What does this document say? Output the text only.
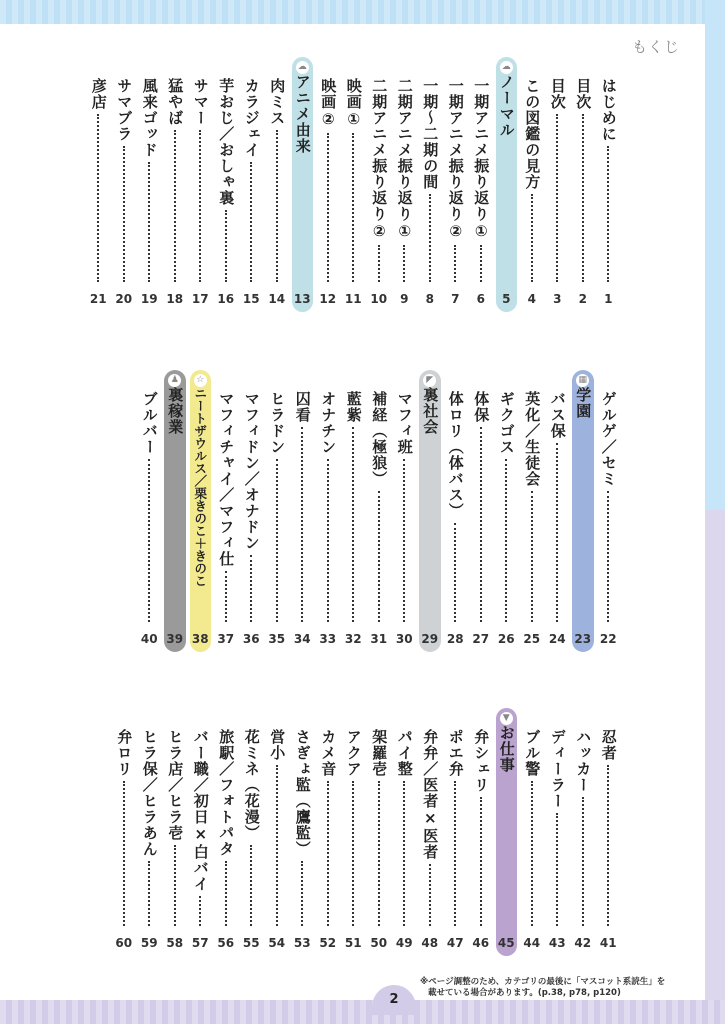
もくじ
はじめに
1
目次
2
目次
3
この図鑑の見方
4
☁
ノーマル
5
一期アニメ振り返り①
6
一期アニメ振り返り②
7
一期～二期の間
8
二期アニメ振り返り①
9
二期アニメ振り返り②
10
映画①
11
映画②
12
☁
アニメ由来
13
肉ミス
14
カラジェイ
15
芋おじ／おしゃ裏
16
サマー
17
猛やば
18
風来ゴッド
19
サマブラ
20
彦店
21
ゲルゲ／セミ
22
▦
学園
23
バス保
24
英化／生徒会
25
ギクゴス
26
体保
27
体ロリ（体バス）
28
◤
裏社会
29
マフィ班
30
補経（極狼）
31
藍紫
32
オナチン
33
囚看
34
ヒラドン
35
マフィドン／オナドン
36
マフィチャイ／マフィ仕
37
☆
ニートザウルス／栗きのこ＋きのこ
38
♟
裏稼業
39
ブルバー
40
忍者
41
ハッカー
42
ディーラー
43
ブル警
44
▼
お仕事
45
弁シェリ
46
ポエ弁
47
弁弁／医者×医者
48
パイ整
49
架羅壱
50
アクア
51
カメ音
52
さぎょ監（鷹監）
53
営小
54
花ミネ（花漫）
55
旅駅／フォトパタ
56
バー職／初日×白バイ
57
ヒラ店／ヒラ壱
58
ヒラ保／ヒラあん
59
弁ロリ
60
※ページ調整のため、カテゴリの最後に「マスコット系読生」を
載せている場合があります。(p.38, p78, p120)
2
